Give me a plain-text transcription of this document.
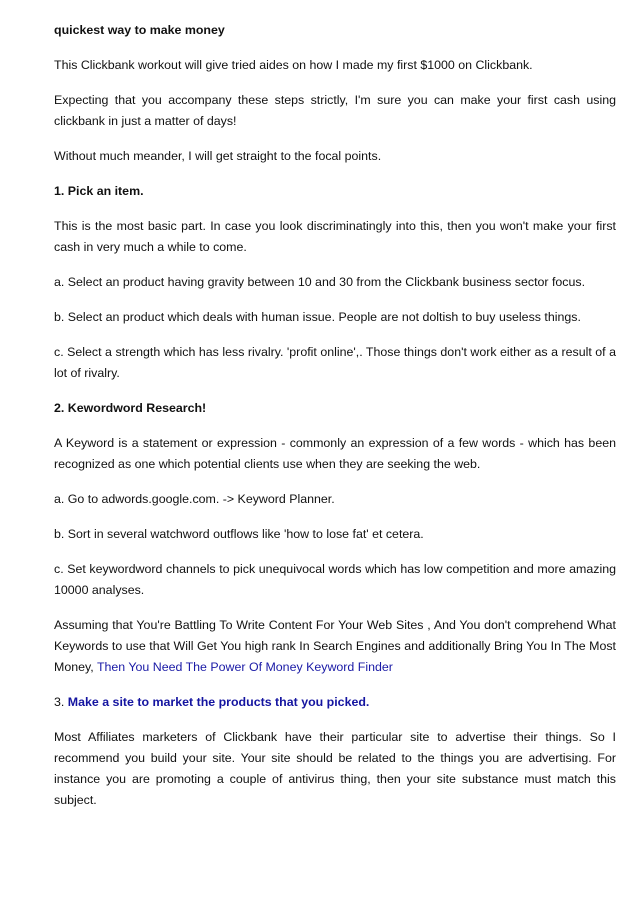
quickest way to make money

This Clickbank workout will give tried aides on how I made my first $1000 on Clickbank.

Expecting that you accompany these steps strictly, I'm sure you can make your first cash using clickbank in just a matter of days!

Without much meander, I will get straight to the focal points.

1. Pick an item.

This is the most basic part. In case you look discriminatingly into this, then you won't make your first cash in very much a while to come.

a. Select an product having gravity between 10 and 30 from the Clickbank business sector focus.

b. Select an product which deals with human issue. People are not doltish to buy useless things.

c. Select a strength which has less rivalry. 'profit online',. Those things don't work either as a result of a lot of rivalry.

2. Kewordword Research!

A Keyword is a statement or expression - commonly an expression of a few words - which has been recognized as one which potential clients use when they are seeking the web.

a. Go to adwords.google.com. -> Keyword Planner.

b. Sort in several watchword outflows like 'how to lose fat' et cetera.

c. Set keywordword channels to pick unequivocal words which has low competition and more amazing 10000 analyses.

Assuming that You're Battling To Write Content For Your Web Sites , And You don't comprehend What Keywords to use that Will Get You high rank In Search Engines and additionally Bring You In The Most Money, Then You Need The Power Of Money Keyword Finder

3. Make a site to market the products that you picked.

Most Affiliates marketers of Clickbank have their particular site to advertise their things. So I recommend you build your site. Your site should be related to the things you are advertising. For instance you are promoting a couple of antivirus thing, then your site substance must match this subject.
